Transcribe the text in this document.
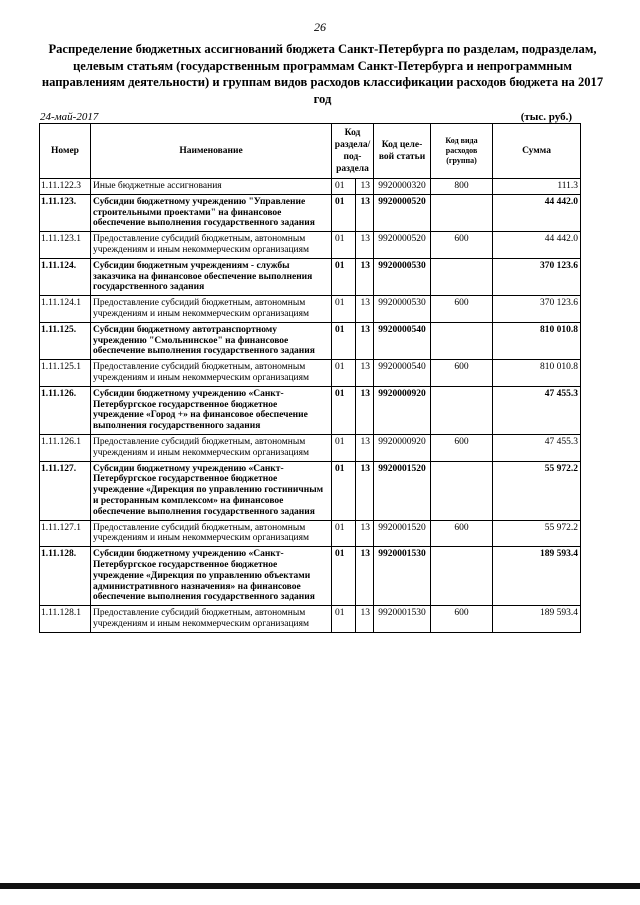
26
Распределение бюджетных ассигнований бюджета Санкт-Петербурга по разделам, подразделам, целевым статьям (государственным программам Санкт-Петербурга и непрограммным направлениям деятельности) и группам видов расходов классификации расходов бюджета на 2017 год
24-май-2017	(тыс. руб.)
Номер	Наименование	Код раздела/ под-раздела		Код целе-вой статьи	Код вида расходов (группа)	Сумма
1.11.122.3	Иные бюджетные ассигнования	01	13	9920000320	800	111.3
1.11.123.	Субсидии бюджетному учреждению "Управление строительными проектами" на финансовое обеспечение выполнения государственного задания	01	13	9920000520		44 442.0
1.11.123.1	Предоставление субсидий бюджетным, автономным учреждениям и иным некоммерческим организациям	01	13	9920000520	600	44 442.0
1.11.124.	Субсидии бюджетным учреждениям - службы заказчика на финансовое обеспечение выполнения государственного задания	01	13	9920000530		370 123.6
1.11.124.1	Предоставление субсидий бюджетным, автономным учреждениям и иным некоммерческим организациям	01	13	9920000530	600	370 123.6
1.11.125.	Субсидии бюджетному автотранспортному учреждению "Смольнинское" на финансовое обеспечение выполнения государственного задания	01	13	9920000540		810 010.8
1.11.125.1	Предоставление субсидий бюджетным, автономным учреждениям и иным некоммерческим организациям	01	13	9920000540	600	810 010.8
1.11.126.	Субсидии бюджетному учреждению «Санкт-Петербургское государственное бюджетное учреждение «Город +» на финансовое обеспечение выполнения государственного задания	01	13	9920000920		47 455.3
1.11.126.1	Предоставление субсидий бюджетным, автономным учреждениям и иным некоммерческим организациям	01	13	9920000920	600	47 455.3
1.11.127.	Субсидии бюджетному учреждению «Санкт-Петербургское государственное бюджетное учреждение «Дирекция по управлению гостиничным и ресторанным комплексом» на финансовое обеспечение выполнения государственного задания	01	13	9920001520		55 972.2
1.11.127.1	Предоставление субсидий бюджетным, автономным учреждениям и иным некоммерческим организациям	01	13	9920001520	600	55 972.2
1.11.128.	Субсидии бюджетному учреждению «Санкт-Петербургское государственное бюджетное учреждение «Дирекция по управлению объектами административного назначения» на финансовое обеспечение выполнения государственного задания	01	13	9920001530		189 593.4
1.11.128.1	Предоставление субсидий бюджетным, автономным учреждениям и иным некоммерческим организациям	01	13	9920001530	600	189 593.4
